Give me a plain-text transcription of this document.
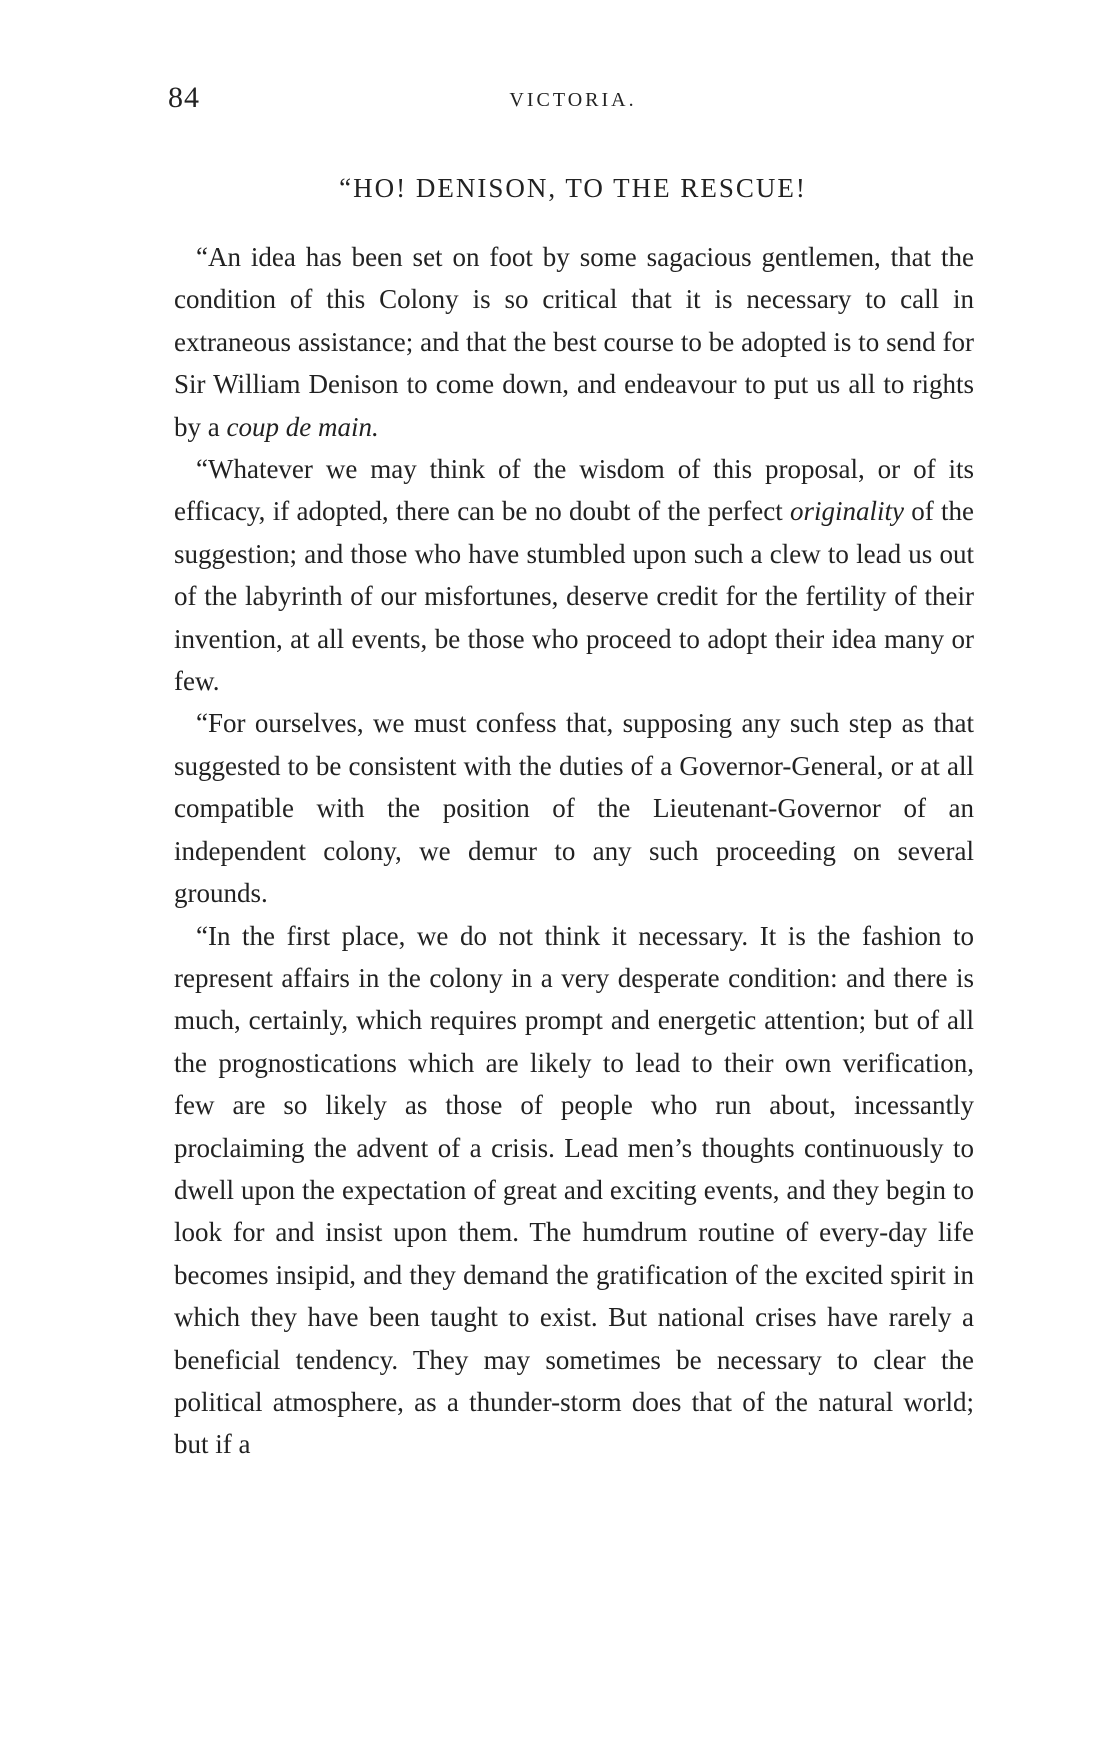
84	VICTORIA.
“HO! DENISON, TO THE RESCUE!

“An idea has been set on foot by some sagacious gentlemen, that the condition of this Colony is so critical that it is necessary to call in extraneous assistance; and that the best course to be adopted is to send for Sir William Denison to come down, and endeavour to put us all to rights by a coup de main.

“Whatever we may think of the wisdom of this proposal, or of its efficacy, if adopted, there can be no doubt of the perfect originality of the suggestion; and those who have stumbled upon such a clew to lead us out of the labyrinth of our misfortunes, deserve credit for the fertility of their invention, at all events, be those who proceed to adopt their idea many or few.

“For ourselves, we must confess that, supposing any such step as that suggested to be consistent with the duties of a Governor-General, or at all compatible with the position of the Lieutenant-Governor of an independent colony, we demur to any such proceeding on several grounds.

“In the first place, we do not think it necessary. It is the fashion to represent affairs in the colony in a very desperate condition: and there is much, certainly, which requires prompt and energetic attention; but of all the prognostications which are likely to lead to their own verification, few are so likely as those of people who run about, incessantly proclaiming the advent of a crisis. Lead men’s thoughts continuously to dwell upon the expectation of great and exciting events, and they begin to look for and insist upon them. The humdrum routine of every-day life becomes insipid, and they demand the gratification of the excited spirit in which they have been taught to exist. But national crises have rarely a beneficial tendency. They may sometimes be necessary to clear the political atmosphere, as a thunder-storm does that of the natural world; but if a
